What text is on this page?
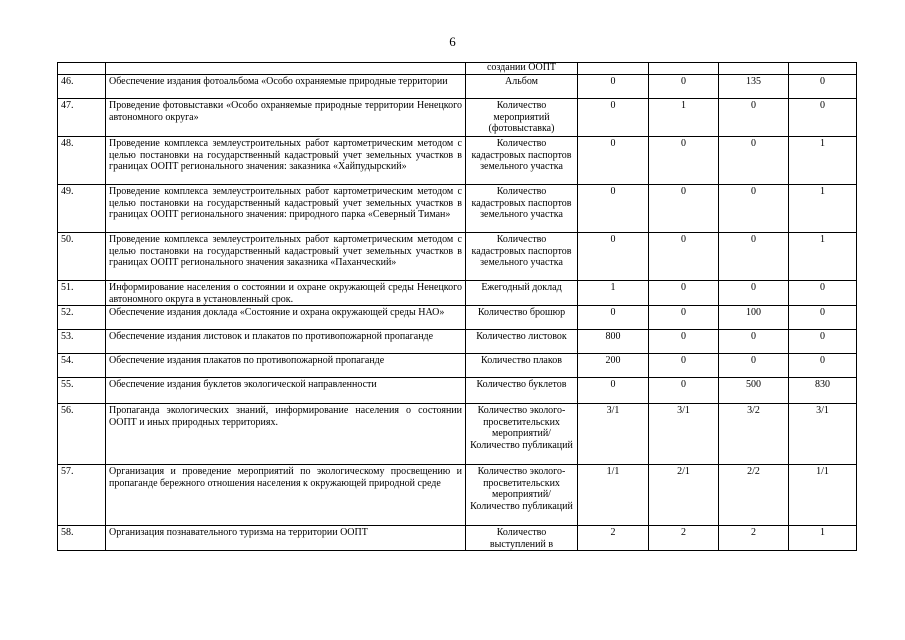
6
		создании ООПТ				
46.	Обеспечение издания фотоальбома «Особо охраняемые природные территории	Альбом	0	0	135	0
47.	Проведение фотовыставки «Особо охраняемые природные территории Ненецкого автономного округа»	Количество мероприятий (фотовыставка)	0	1	0	0
48.	Проведение комплекса землеустроительных работ картометрическим методом с целью постановки на государственный кадастровый учет земельных участков в границах ООПТ регионального значения: заказника «Хайпудырский»	Количество кадастровых паспортов земельного участка	0	0	0	1
49.	Проведение комплекса землеустроительных работ картометрическим методом с целью постановки на государственный кадастровый учет земельных участков в границах ООПТ регионального значения: природного парка «Северный Тиман»	Количество кадастровых паспортов земельного участка	0	0	0	1
50.	Проведение комплекса землеустроительных работ картометрическим методом с целью постановки на государственный кадастровый учет земельных участков в границах ООПТ регионального значения заказника «Паханческий»	Количество кадастровых паспортов земельного участка	0	0	0	1
51.	Информирование населения о состоянии и охране окружающей среды Ненецкого автономного округа в установленный срок.	Ежегодный доклад	1	0	0	0
52.	Обеспечение издания доклада «Состояние и охрана окружающей среды НАО»	Количество брошюр	0	0	100	0
53.	Обеспечение издания листовок и плакатов по противопожарной пропаганде	Количество листовок	800	0	0	0
54.	Обеспечение издания плакатов по противопожарной пропаганде	Количество плаков	200	0	0	0
55.	Обеспечение издания буклетов экологической направленности	Количество буклетов	0	0	500	830
56.	Пропаганда экологических знаний, информирование населения о состоянии ООПТ и иных природных территориях.	Количество эколого-просветительских мероприятий/ Количество публикаций	3/1	3/1	3/2	3/1
57.	Организация и проведение мероприятий по экологическому просвещению и пропаганде бережного отношения населения к окружающей природной среде	Количество эколого-просветительских мероприятий/ Количество публикаций	1/1	2/1	2/2	1/1
58.	Организация познавательного туризма на территории ООПТ	Количество выступлений в	2	2	2	1
